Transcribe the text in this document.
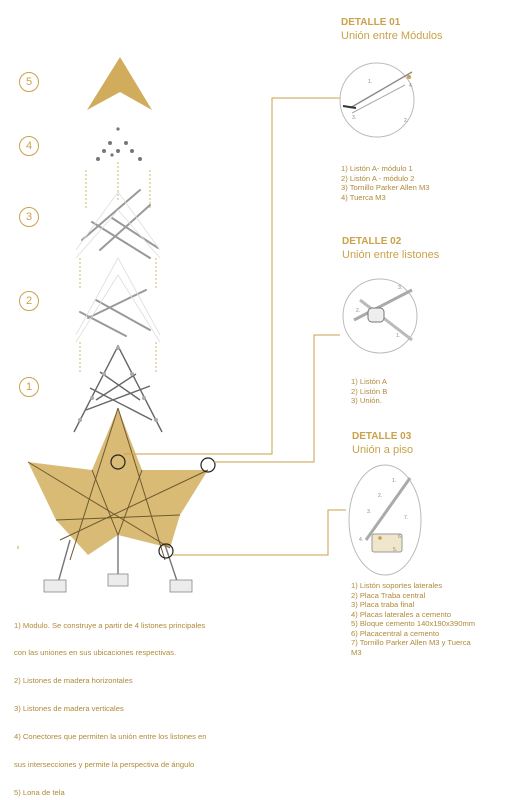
5
4
3
2
1
DETALLE 01
Unión entre Módulos
1.
2.
3.
4.
1) Listón A- módulo 1
2) Listón A - módulo 2
3) Tornillo Parker Allen M3
4) Tuerca M3
DETALLE 02
Unión entre listones
1.
2.
3.
1) Listón A
2) Listón B
3) Unión.
DETALLE 03
Unión a piso
1.
2.
3.
4.
5.
6.
7.
1) Listón soportes laterales
2) Placa Traba central
3) Placa traba final
4) Placas laterales a cemento
5) Bloque cemento 140x190x390mm
6) Placacentral a cemento
7) Tornillo Parker Allen M3 y Tuerca
M3

1) Modulo. Se construye a partir de 4 listones principales

con las uniones en sus ubicaciones respectivas.

2) Listones de madera horizontales

3) Listones de madera verticales

4) Conectores que permiten la unión entre los listones en

sus intersecciones y permite la perspectiva de ángulo

5) Lona de tela
